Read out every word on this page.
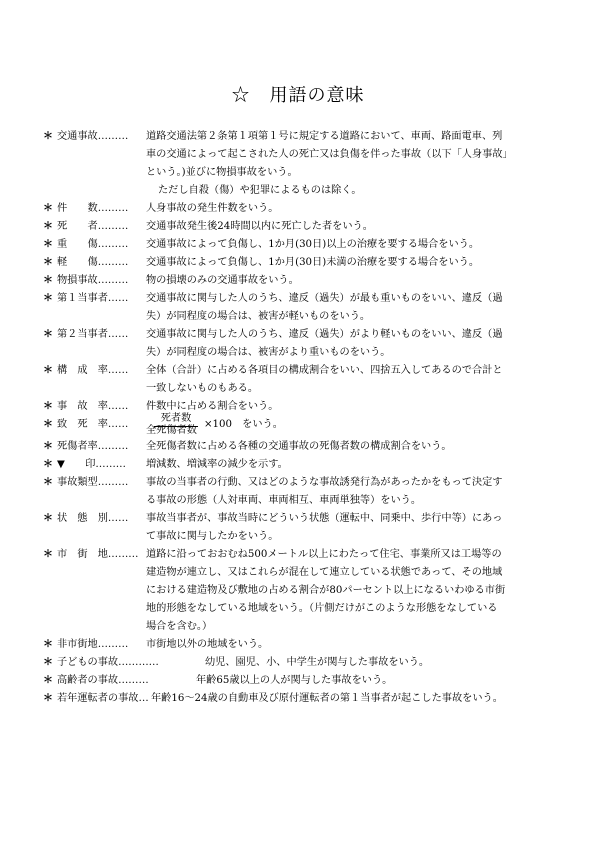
☆　用語の意味
＊ 交通事故……… 道路交通法第２条第１項第１号に規定する道路において、車両、路面電車、列
車の交通によって起こされた人の死亡又は負傷を伴った事故（以下「人身事故」
という。)並びに物損事故をいう。
ただし自殺（傷）や犯罪によるものは除く。
＊ 件　　数……… 人身事故の発生件数をいう。
＊ 死　　者……… 交通事故発生後24時間以内に死亡した者をいう。
＊ 重　　傷……… 交通事故によって負傷し、1か月(30日)以上の治療を要する場合をいう。
＊ 軽　　傷……… 交通事故によって負傷し、1か月(30日)未満の治療を要する場合をいう。
＊ 物損事故……… 物の損壊のみの交通事故をいう。
＊ 第１当事者…… 交通事故に関与した人のうち、違反（過失）が最も重いものをいい、違反（過
失）が同程度の場合は、被害が軽いものをいう。
＊ 第２当事者…… 交通事故に関与した人のうち、違反（過失）がより軽いものをいい、違反（過
失）が同程度の場合は、被害がより重いものをいう。
＊ 構　成　率…… 全体（合計）に占める各項目の構成割合をいい、四捨五入してあるので合計と
一致しないものもある。
＊ 事　故　率…… 件数中に占める割合をいう。
＊ 致　死　率……
死者数
全死傷者数
×100　をいう。
＊ 死傷者率……… 全死傷者数に占める各種の交通事故の死傷者数の構成割合をいう。
＊ ▼　　印……… 増減数、増減率の減少を示す。
＊ 事故類型……… 事故の当事者の行動、又はどのような事故誘発行為があったかをもって決定す
る事故の形態（人対車両、車両相互、車両単独等）をいう。
＊ 状　態　別…… 事故当事者が、事故当時にどういう状態（運転中、同乗中、歩行中等）にあっ
て事故に関与したかをいう。
＊ 市　街　地……… 道路に沿っておおむね500メートル以上にわたって住宅、事業所又は工場等の
建造物が連立し、又はこれらが混在して連立している状態であって、その地域
における建造物及び敷地の占める割合が80パーセント以上になるいわゆる市街
地的形態をなしている地域をいう。（片側だけがこのような形態をなしている
場合を含む。）
＊ 非市街地……… 市街地以外の地域をいう。
＊ 子どもの事故…………	幼児、園児、小、中学生が関与した事故をいう。
＊ 高齢者の事故………	年齢65歳以上の人が関与した事故をいう。
＊ 若年運転者の事故… 年齢16～24歳の自動車及び原付運転者の第１当事者が起こした事故をいう。
